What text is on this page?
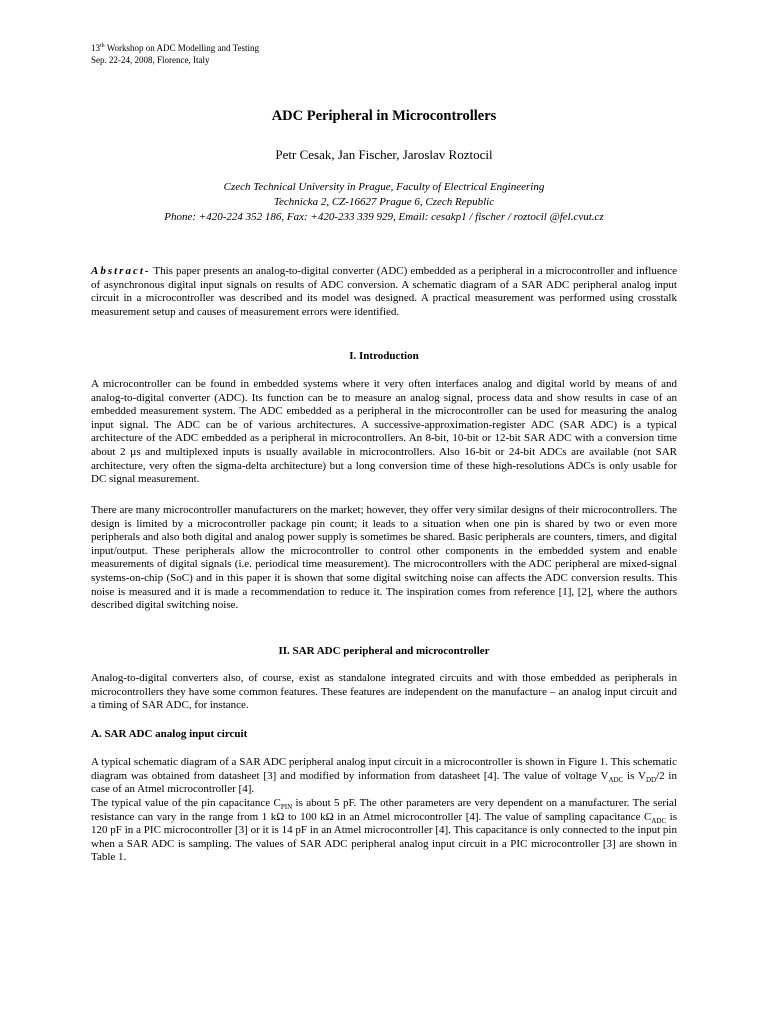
13th Workshop on ADC Modelling and Testing
Sep. 22-24, 2008, Florence, Italy
ADC Peripheral in Microcontrollers
Petr Cesak, Jan Fischer, Jaroslav Roztocil
Czech Technical University in Prague, Faculty of Electrical Engineering
Technicka 2, CZ-16627 Prague 6, Czech Republic
Phone: +420-224 352 186, Fax: +420-233 339 929, Email: cesakp1 / fischer / roztocil @fel.cvut.cz

Abstract- This paper presents an analog-to-digital converter (ADC) embedded as a peripheral in a microcontroller and influence of asynchronous digital input signals on results of ADC conversion. A schematic diagram of a SAR ADC peripheral analog input circuit in a microcontroller was described and its model was designed. A practical measurement was performed using crosstalk measurement setup and causes of measurement errors were identified.

I. Introduction

A microcontroller can be found in embedded systems where it very often interfaces analog and digital world by means of and analog-to-digital converter (ADC). Its function can be to measure an analog signal, process data and show results in case of an embedded measurement system. The ADC embedded as a peripheral in the microcontroller can be used for measuring the analog input signal. The ADC can be of various architectures. A successive-approximation-register ADC (SAR ADC) is a typical architecture of the ADC embedded as a peripheral in microcontrollers. An 8-bit, 10-bit or 12-bit SAR ADC with a conversion time about 2 µs and multiplexed inputs is usually available in microcontrollers. Also 16-bit or 24-bit ADCs are available (not SAR architecture, very often the sigma-delta architecture) but a long conversion time of these high-resolutions ADCs is only usable for DC signal measurement.

There are many microcontroller manufacturers on the market; however, they offer very similar designs of their microcontrollers. The design is limited by a microcontroller package pin count; it leads to a situation when one pin is shared by two or even more peripherals and also both digital and analog power supply is sometimes be shared. Basic peripherals are counters, timers, and digital input/output. These peripherals allow the microcontroller to control other components in the embedded system and enable measurements of digital signals (i.e. periodical time measurement). The microcontrollers with the ADC peripheral are mixed-signal systems-on-chip (SoC) and in this paper it is shown that some digital switching noise can affects the ADC conversion results. This noise is measured and it is made a recommendation to reduce it. The inspiration comes from reference [1], [2], where the authors described digital switching noise.

II. SAR ADC peripheral and microcontroller

Analog-to-digital converters also, of course, exist as standalone integrated circuits and with those embedded as peripherals in microcontrollers they have some common features. These features are independent on the manufacture – an analog input circuit and a timing of SAR ADC, for instance.

A. SAR ADC analog input circuit

A typical schematic diagram of a SAR ADC peripheral analog input circuit in a microcontroller is shown in Figure 1. This schematic diagram was obtained from datasheet [3] and modified by information from datasheet [4]. The value of voltage $V_{ADC}$ is $V_{DD}/2$ in case of an Atmel microcontroller [4].

The typical value of the pin capacitance $C_{PIN}$ is about 5 pF. The other parameters are very dependent on a manufacturer. The serial resistance can vary in the range from 1 kΩ to 100 kΩ in an Atmel microcontroller [4]. The value of sampling capacitance $C_{ADC}$ is 120 pF in a PIC microcontroller [3] or it is 14 pF in an Atmel microcontroller [4]. This capacitance is only connected to the input pin when a SAR ADC is sampling. The values of SAR ADC peripheral analog input circuit in a PIC microcontroller [3] are shown in Table 1.
